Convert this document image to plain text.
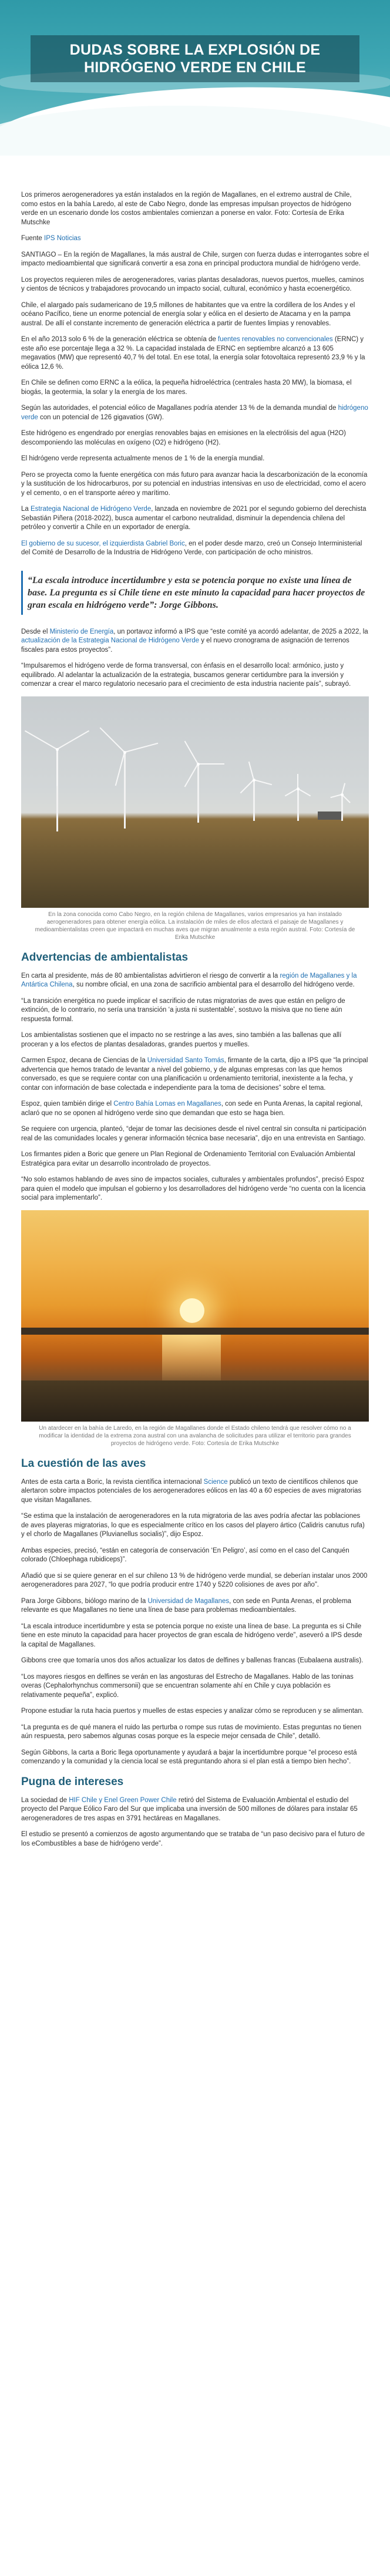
DUDAS SOBRE LA EXPLOSIÓN DE HIDRÓGENO VERDE EN CHILE

Los primeros aerogeneradores ya están instalados en la región de Magallanes, en el extremo austral de Chile, como estos en la bahía Laredo, al este de Cabo Negro, donde las empresas impulsan proyectos de hidrógeno verde en un escenario donde los costos ambientales comienzan a ponerse en valor. Foto: Cortesía de Erika Mutschke

Fuente IPS Noticias

SANTIAGO – En la región de Magallanes, la más austral de Chile, surgen con fuerza dudas e interrogantes sobre el impacto medioambiental que significará convertir a esa zona en principal productora mundial de hidrógeno verde.

Los proyectos requieren miles de aerogeneradores, varias plantas desaladoras, nuevos puertos, muelles, caminos y cientos de técnicos y trabajadores provocando un impacto social, cultural, económico y hasta ecoenergético.

Chile, el alargado país sudamericano de 19,5 millones de habitantes que va entre la cordillera de los Andes y el océano Pacífico, tiene un enorme potencial de energía solar y eólica en el desierto de Atacama y en la pampa austral. De allí el constante incremento de generación eléctrica a partir de fuentes limpias y renovables.

En el año 2013 solo 6 % de la generación eléctrica se obtenía de fuentes renovables no convencionales (ERNC) y este año ese porcentaje llega a 32 %. La capacidad instalada de ERNC en septiembre alcanzó a 13 605 megavatios (MW) que representó 40,7 % del total. En ese total, la energía solar fotovoltaica representó 23,9 % y la eólica 12,6 %.

En Chile se definen como ERNC a la eólica, la pequeña hidroeléctrica (centrales hasta 20 MW), la biomasa, el biogás, la geotermia, la solar y la energía de los mares.

Según las autoridades, el potencial eólico de Magallanes podría atender 13 % de la demanda mundial de hidrógeno verde con un potencial de 126 gigavatios (GW).

Este hidrógeno es engendrado por energías renovables bajas en emisiones en la electrólisis del agua (H2O) descomponiendo las moléculas en oxígeno (O2) e hidrógeno (H2).

El hidrógeno verde representa actualmente menos de 1 % de la energía mundial.

Pero se proyecta como la fuente energética con más futuro para avanzar hacia la descarbonización de la economía y la sustitución de los hidrocarburos, por su potencial en industrias intensivas en uso de electricidad, como el acero y el cemento, o en el transporte aéreo y marítimo.

La Estrategia Nacional de Hidrógeno Verde, lanzada en noviembre de 2021 por el segundo gobierno del derechista Sebastián Piñera (2018-2022), busca aumentar el carbono neutralidad, disminuir la dependencia chilena del petróleo y convertir a Chile en un exportador de energía.

El gobierno de su sucesor, el izquierdista Gabriel Boric, en el poder desde marzo, creó un Consejo Interministerial del Comité de Desarrollo de la Industria de Hidrógeno Verde, con participación de ocho ministros.

“La escala introduce incertidumbre y esta se potencia porque no existe una línea de base. La pregunta es si Chile tiene en este minuto la capacidad para hacer proyectos de gran escala en hidrógeno verde”: Jorge Gibbons.

Desde el Ministerio de Energía, un portavoz informó a IPS que “este comité ya acordó adelantar, de 2025 a 2022, la actualización de la Estrategia Nacional de Hidrógeno Verde y el nuevo cronograma de asignación de terrenos fiscales para estos proyectos”.

“Impulsaremos el hidrógeno verde de forma transversal, con énfasis en el desarrollo local: armónico, justo y equilibrado. Al adelantar la actualización de la estrategia, buscamos generar certidumbre para la inversión y comenzar a crear el marco regulatorio necesario para el crecimiento de esta industria naciente país”, subrayó.

En la zona conocida como Cabo Negro, en la región chilena de Magallanes, varios empresarios ya han instalado aerogeneradores para obtener energía eólica. La instalación de miles de ellos afectará el paisaje de Magallanes y medioambientalistas creen que impactará en muchas aves que migran anualmente a esta región austral. Foto: Cortesía de Erika Mutschke
Advertencias de ambientalistas

En carta al presidente, más de 80 ambientalistas advirtieron el riesgo de convertir a la región de Magallanes y la Antártica Chilena, su nombre oficial, en una zona de sacrificio ambiental para el desarrollo del hidrógeno verde.

“La transición energética no puede implicar el sacrificio de rutas migratorias de aves que están en peligro de extinción, de lo contrario, no sería una transición ‘a justa ni sustentable’, sostuvo la misiva que no tiene aún respuesta formal.

Los ambientalistas sostienen que el impacto no se restringe a las aves, sino también a las ballenas que allí proceran y a los efectos de plantas desaladoras, grandes puertos y muelles.

Carmen Espoz, decana de Ciencias de la Universidad Santo Tomás, firmante de la carta, dijo a IPS que “la principal advertencia que hemos tratado de levantar a nivel del gobierno, y de algunas empresas con las que hemos conversado, es que se requiere contar con una planificación u ordenamiento territorial, inexistente a la fecha, y contar con información de base colectada e independiente para la toma de decisiones” sobre el tema.

Espoz, quien también dirige el Centro Bahía Lomas en Magallanes, con sede en Punta Arenas, la capital regional, aclaró que no se oponen al hidrógeno verde sino que demandan que esto se haga bien.

Se requiere con urgencia, planteó, “dejar de tomar las decisiones desde el nivel central sin consulta ni participación real de las comunidades locales y generar información técnica base necesaria”, dijo en una entrevista en Santiago.

Los firmantes piden a Boric que genere un Plan Regional de Ordenamiento Territorial con Evaluación Ambiental Estratégica para evitar un desarrollo incontrolado de proyectos.

“No solo estamos hablando de aves sino de impactos sociales, culturales y ambientales profundos”, precisó Espoz para quien el modelo que impulsan el gobierno y los desarrolladores del hidrógeno verde “no cuenta con la licencia social para implementarlo”.

Un atardecer en la bahía de Laredo, en la región de Magallanes donde el Estado chileno tendrá que resolver cómo no a modificar la identidad de la extrema zona austral con una avalancha de solicitudes para utilizar el territorio para grandes proyectos de hidrógeno verde. Foto: Cortesía de Erika Mutschke
La cuestión de las aves

Antes de esta carta a Boric, la revista científica internacional Science publicó un texto de científicos chilenos que alertaron sobre impactos potenciales de los aerogeneradores eólicos en las 40 a 60 especies de aves migratorias que visitan Magallanes.

“Se estima que la instalación de aerogeneradores en la ruta migratoria de las aves podría afectar las poblaciones de aves playeras migratorias, lo que es especialmente crítico en los casos del playero ártico (Calidris canutus rufa) y el chorlo de Magallanes (Pluvianellus socialis)”, dijo Espoz.

Ambas especies, precisó, “están en categoría de conservación ‘En Peligro’, así como en el caso del Canquén colorado (Chloephaga rubidiceps)”.

Añadió que si se quiere generar en el sur chileno 13 % de hidrógeno verde mundial, se deberían instalar unos 2000 aerogeneradores para 2027, “lo que podría producir entre 1740 y 5220 colisiones de aves por año”.

Para Jorge Gibbons, biólogo marino de la Universidad de Magallanes, con sede en Punta Arenas, el problema relevante es que Magallanes no tiene una línea de base para problemas medioambientales.

“La escala introduce incertidumbre y esta se potencia porque no existe una línea de base. La pregunta es si Chile tiene en este minuto la capacidad para hacer proyectos de gran escala de hidrógeno verde”, aseveró a IPS desde la capital de Magallanes.

Gibbons cree que tomaría unos dos años actualizar los datos de delfines y ballenas francas (Eubalaena australis).

“Los mayores riesgos en delfines se verán en las angosturas del Estrecho de Magallanes. Hablo de las toninas overas (Cephalorhynchus commersonii) que se encuentran solamente ahí en Chile y cuya población es relativamente pequeña”, explicó.

Propone estudiar la ruta hacia puertos y muelles de estas especies y analizar cómo se reproducen y se alimentan.

“La pregunta es de qué manera el ruido las perturba o rompe sus rutas de movimiento. Estas preguntas no tienen aún respuesta, pero sabemos algunas cosas porque es la especie mejor censada de Chile”, detalló.

Según Gibbons, la carta a Boric llega oportunamente y ayudará a bajar la incertidumbre porque “el proceso está comenzando y la comunidad y la ciencia local se está preguntando ahora si el plan está a tiempo bien hecho”.

Pugna de intereses

La sociedad de HIF Chile y Enel Green Power Chile retiró del Sistema de Evaluación Ambiental el estudio del proyecto del Parque Eólico Faro del Sur que implicaba una inversión de 500 millones de dólares para instalar 65 aerogeneradores de tres aspas en 3791 hectáreas en Magallanes.

El estudio se presentó a comienzos de agosto argumentando que se trataba de “un paso decisivo para el futuro de los eCombustibles a base de hidrógeno verde”.
